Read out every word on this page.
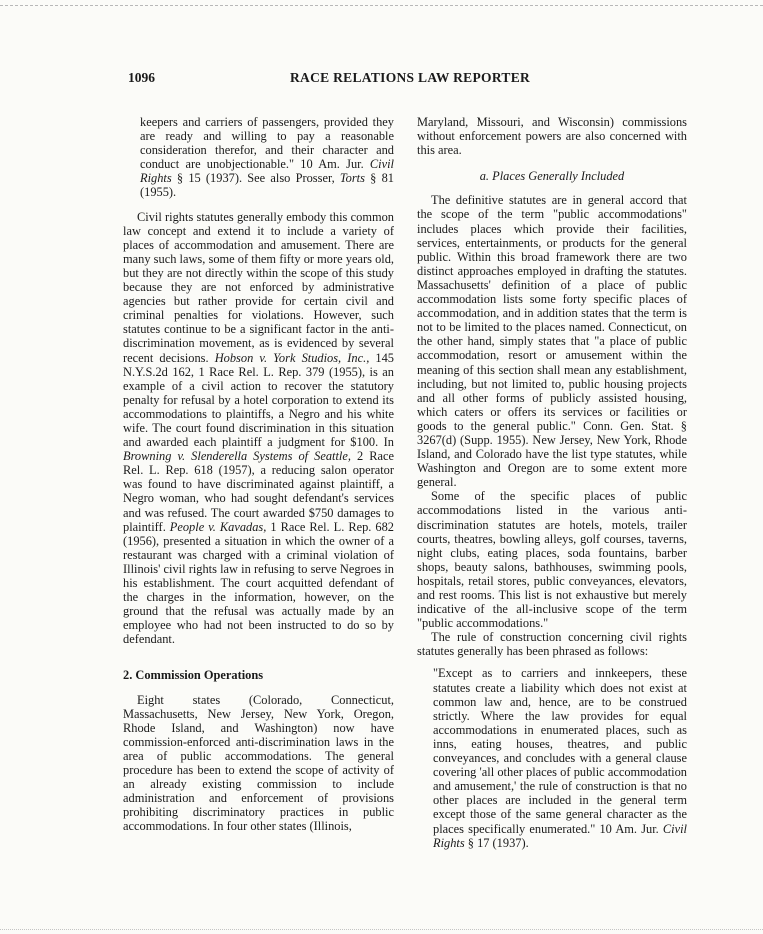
1096	RACE RELATIONS LAW REPORTER

keepers and carriers of passengers, provided they are ready and willing to pay a reasonable consideration therefor, and their character and conduct are unobjectionable." 10 Am. Jur. Civil Rights § 15 (1937). See also Prosser, Torts § 81 (1955).

Civil rights statutes generally embody this common law concept and extend it to include a variety of places of accommodation and amusement. There are many such laws, some of them fifty or more years old, but they are not directly within the scope of this study because they are not enforced by administrative agencies but rather provide for certain civil and criminal penalties for violations. However, such statutes continue to be a significant factor in the anti-discrimination movement, as is evidenced by several recent decisions. Hobson v. York Studios, Inc., 145 N.Y.S.2d 162, 1 Race Rel. L. Rep. 379 (1955), is an example of a civil action to recover the statutory penalty for refusal by a hotel corporation to extend its accommodations to plaintiffs, a Negro and his white wife. The court found discrimination in this situation and awarded each plaintiff a judgment for $100. In Browning v. Slenderella Systems of Seattle, 2 Race Rel. L. Rep. 618 (1957), a reducing salon operator was found to have discriminated against plaintiff, a Negro woman, who had sought defendant's services and was refused. The court awarded $750 damages to plaintiff. People v. Kavadas, 1 Race Rel. L. Rep. 682 (1956), presented a situation in which the owner of a restaurant was charged with a criminal violation of Illinois' civil rights law in refusing to serve Negroes in his establishment. The court acquitted defendant of the charges in the information, however, on the ground that the refusal was actually made by an employee who had not been instructed to do so by defendant.

2. Commission Operations

Eight states (Colorado, Connecticut, Massachusetts, New Jersey, New York, Oregon, Rhode Island, and Washington) now have commission-enforced anti-discrimination laws in the area of public accommodations. The general procedure has been to extend the scope of activity of an already existing commission to include administration and enforcement of provisions prohibiting discriminatory practices in public accommodations. In four other states (Illinois,

Maryland, Missouri, and Wisconsin) commissions without enforcement powers are also concerned with this area.

a. Places Generally Included

The definitive statutes are in general accord that the scope of the term "public accommodations" includes places which provide their facilities, services, entertainments, or products for the general public. Within this broad framework there are two distinct approaches employed in drafting the statutes. Massachusetts' definition of a place of public accommodation lists some forty specific places of accommodation, and in addition states that the term is not to be limited to the places named. Connecticut, on the other hand, simply states that "a place of public accommodation, resort or amusement within the meaning of this section shall mean any establishment, including, but not limited to, public housing projects and all other forms of publicly assisted housing, which caters or offers its services or facilities or goods to the general public." Conn. Gen. Stat. § 3267(d) (Supp. 1955). New Jersey, New York, Rhode Island, and Colorado have the list type statutes, while Washington and Oregon are to some extent more general.

Some of the specific places of public accommodations listed in the various anti-discrimination statutes are hotels, motels, trailer courts, theatres, bowling alleys, golf courses, taverns, night clubs, eating places, soda fountains, barber shops, beauty salons, bathhouses, swimming pools, hospitals, retail stores, public conveyances, elevators, and rest rooms. This list is not exhaustive but merely indicative of the all-inclusive scope of the term "public accommodations."

The rule of construction concerning civil rights statutes generally has been phrased as follows:

"Except as to carriers and innkeepers, these statutes create a liability which does not exist at common law and, hence, are to be construed strictly. Where the law provides for equal accommodations in enumerated places, such as inns, eating houses, theatres, and public conveyances, and concludes with a general clause covering 'all other places of public accommodation and amusement,' the rule of construction is that no other places are included in the general term except those of the same general character as the places specifically enumerated." 10 Am. Jur. Civil Rights § 17 (1937).
